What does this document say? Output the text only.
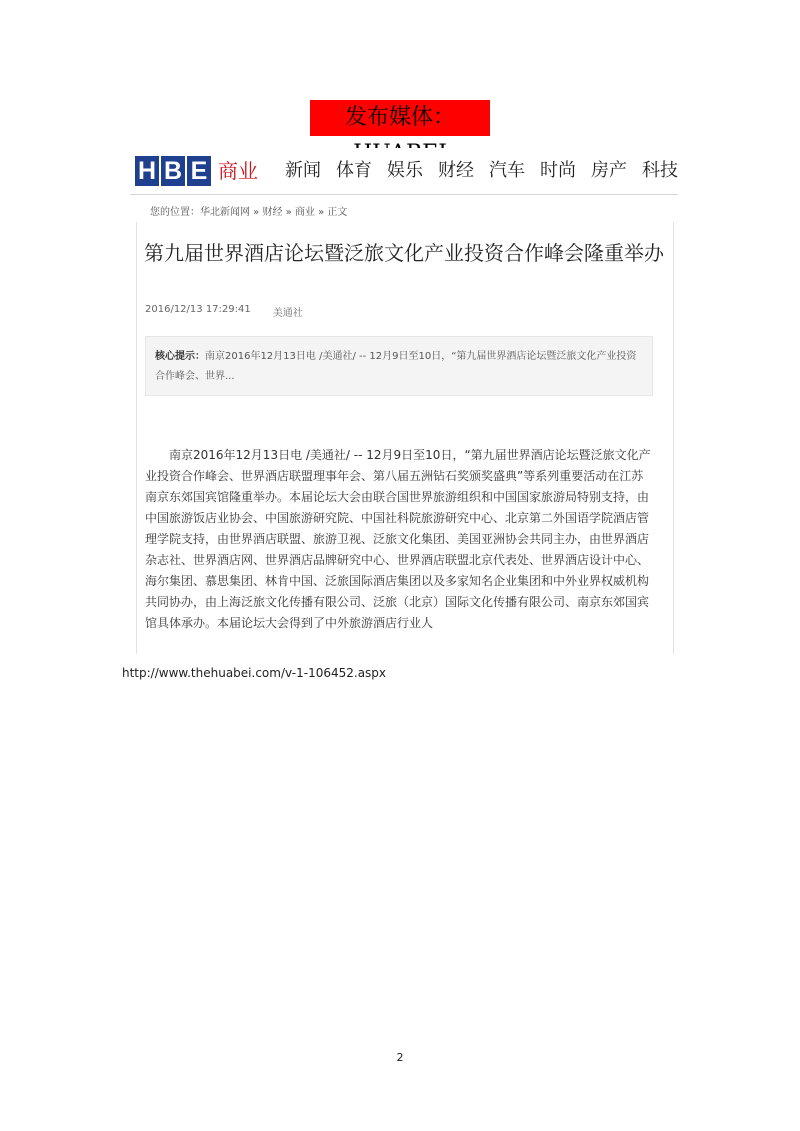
发布媒体：
H B E 商业 新闻 体育 娱乐 财经 汽车 时尚 房产 科技
您的位置：华北新闻网 » 财经 » 商业 » 正文
第九届世界酒店论坛暨泛旅文化产业投资合作峰会隆重举办
2016/12/13 17:29:41 美通社
核心提示：南京2016年12月13日电 /美通社/ -- 12月9日至10日，“第九届世界酒店论坛暨泛旅文化产业投资合作峰会、世界...

南京2016年12月13日电 /美通社/ -- 12月9日至10日，“第九届世界酒店论坛暨泛旅文化产业投资合作峰会、世界酒店联盟理事年会、第八届五洲钻石奖颁奖盛典”等系列重要活动在江苏南京东郊国宾馆隆重举办。本届论坛大会由联合国世界旅游组织和中国国家旅游局特别支持，由中国旅游饭店业协会、中国旅游研究院、中国社科院旅游研究中心、北京第二外国语学院酒店管理学院支持，由世界酒店联盟、旅游卫视、泛旅文化集团、美国亚洲协会共同主办，由世界酒店杂志社、世界酒店网、世界酒店品牌研究中心、世界酒店联盟北京代表处、世界酒店设计中心、海尔集团、慕思集团、林肯中国、泛旅国际酒店集团以及多家知名企业集团和中外业界权威机构共同协办，由上海泛旅文化传播有限公司、泛旅（北京）国际文化传播有限公司、南京东郊国宾馆具体承办。本届论坛大会得到了中外旅游酒店行业人

http://www.thehuabei.com/v-1-106452.aspx
2
